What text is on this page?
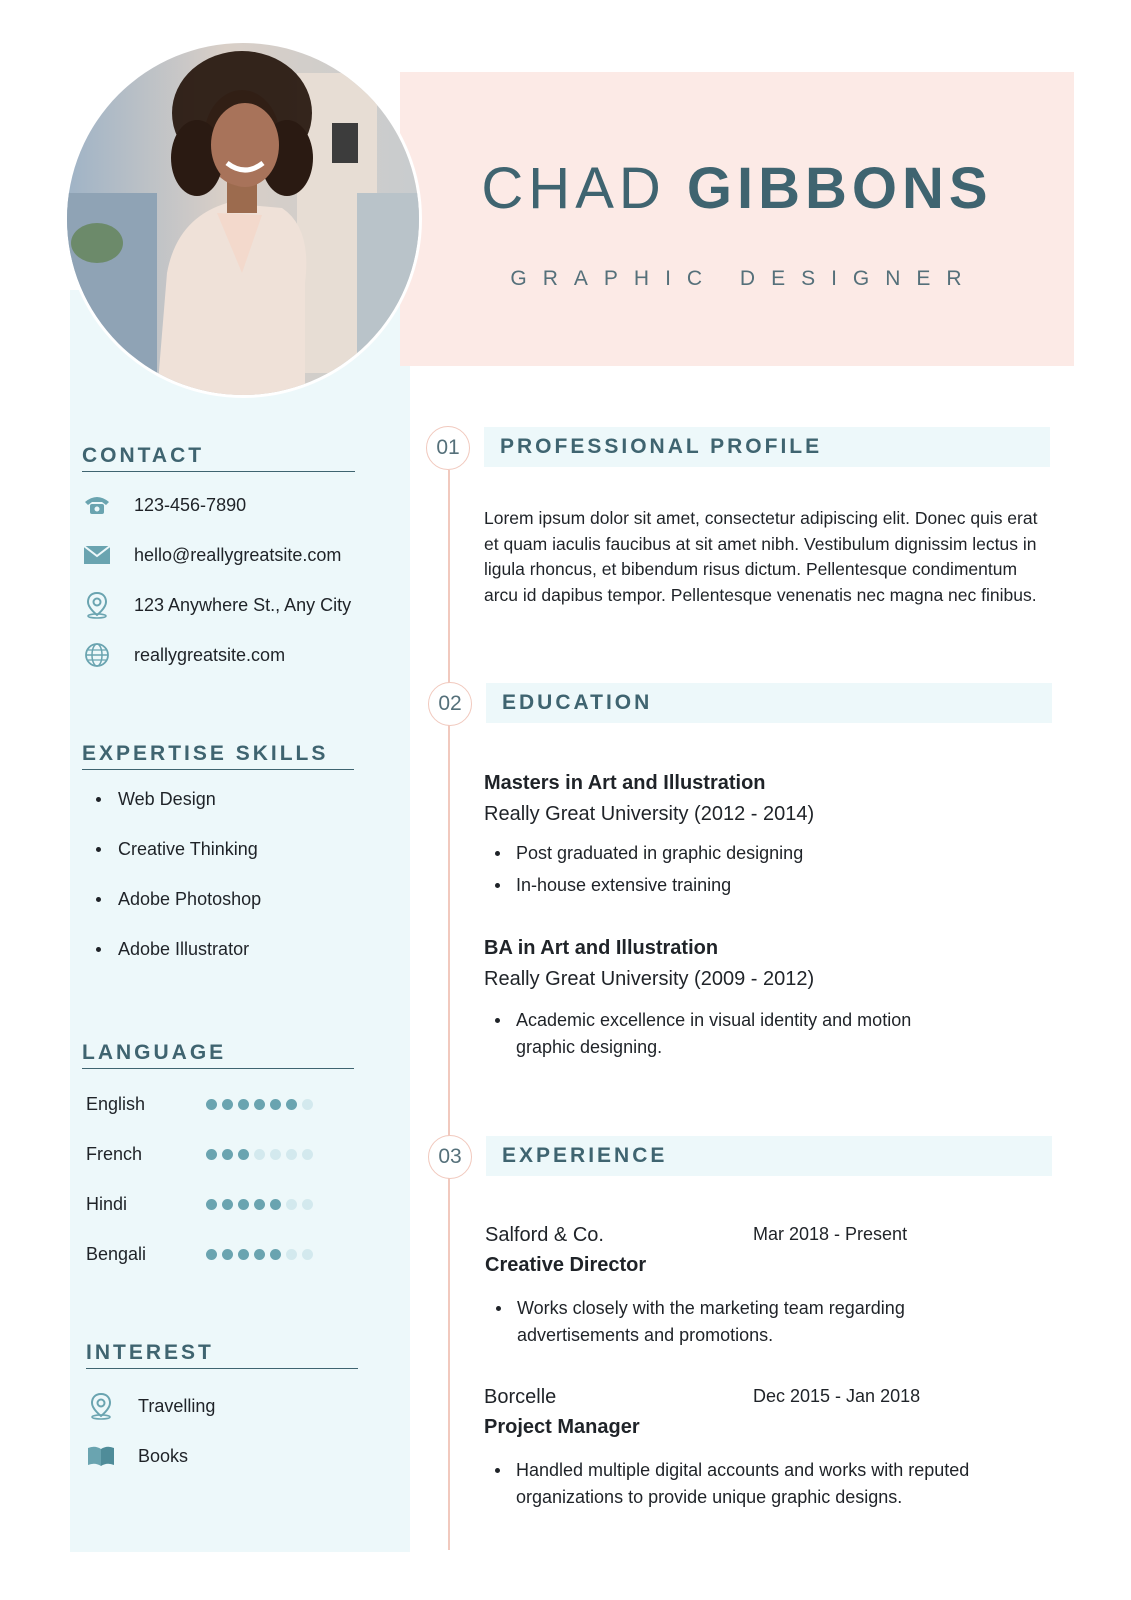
CHAD GIBBONS
GRAPHIC DESIGNER
CONTACT
123-456-7890
hello@reallygreatsite.com
123 Anywhere St., Any City
reallygreatsite.com
EXPERTISE SKILLS
Web Design
Creative Thinking
Adobe Photoshop
Adobe Illustrator
LANGUAGE
English
French
Hindi
Bengali
INTEREST
Travelling
Books
01	PROFESSIONAL PROFILE
Lorem ipsum dolor sit amet, consectetur adipiscing elit. Donec quis erat et quam iaculis faucibus at sit amet nibh. Vestibulum dignissim lectus in ligula rhoncus, et bibendum risus dictum. Pellentesque condimentum arcu id dapibus tempor. Pellentesque venenatis nec magna nec finibus.
02	EDUCATION
Masters in Art and Illustration
Really Great University (2012 - 2014)
Post graduated in graphic designing
In-house extensive training
BA in Art and Illustration
Really Great University (2009 - 2012)
Academic excellence in visual identity and motion graphic designing.
03	EXPERIENCE
Salford & Co.	Mar 2018 - Present
Creative Director
Works closely with the marketing team regarding advertisements and promotions.
Borcelle	Dec 2015 - Jan 2018
Project Manager
Handled multiple digital accounts and works with reputed organizations to provide unique graphic designs.
